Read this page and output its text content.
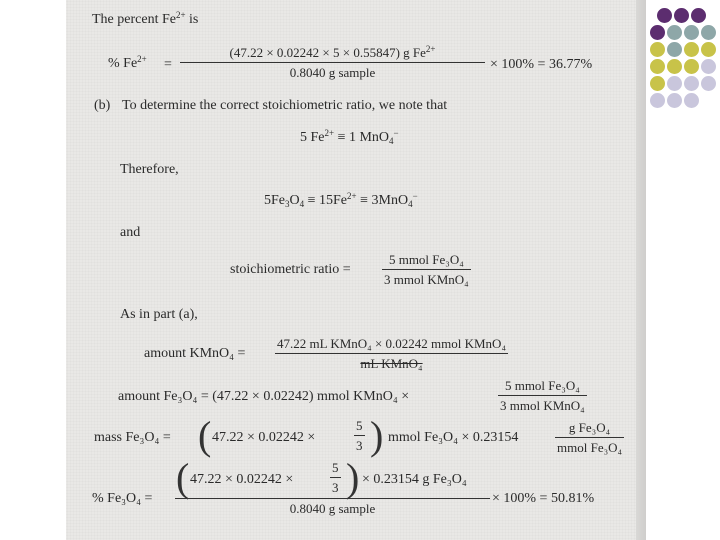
The percent $Fe^{2+}$ is
% $Fe^{2+}$ =
(47.22 × 0.02242 × 5 × 0.55847) g $Fe^{2+}$
0.8040 g sample
× 100% = 36.77%
(b) To determine the correct stoichiometric ratio, we note that
5 $Fe^{2+} \equiv 1$ MnO$_4$−
Therefore,
$5Fe_3O_4 \equiv 15Fe^{2+} \equiv 3MnO_4^-$
and
stoichiometric ratio =
5 mmol Fe₃O₄
3 mmol KMnO₄
As in part (a),
amount KMnO₄ =
47.22 mL KMnO₄ × 0.02242 mmol KMnO₄
mL KMnO₄
amount Fe₃O₄ = (47.22 × 0.02242) mmol KMnO₄ ×
5 mmol Fe₃O₄
3 mmol KMnO₄
mass Fe₃O₄ = ( 47.22 × 0.02242 ×
5
3 ) mmol Fe₃O₄ × 0.23154
g Fe₃O₄
mmol Fe₃O₄
% Fe₃O₄ = ( 47.22 × 0.02242 ×
5
3 ) × 0.23154 g Fe₃O₄
0.8040 g sample
× 100% = 50.81%
